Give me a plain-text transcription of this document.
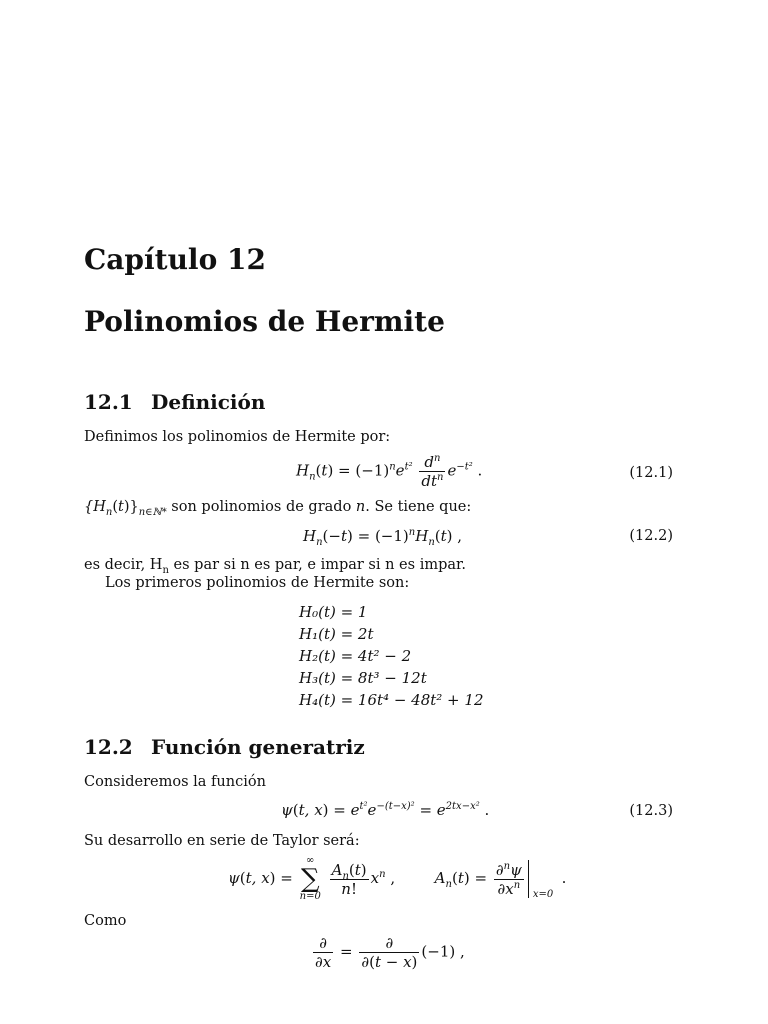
Capítulo 12
Polinomios de Hermite
12.1 Definición
Definimos los polinomios de Hermite por:
$H_n(t) = (-1)^ne^{t^2} \frac{d^n}{dt^n} e^{-t^2}$ .	(12.1)
$\{H_n(t)\}_{n\in ℕ*}$ son polinomios de grado n. Se tiene que:
$H_n(-t) = (-1)^nH_n(t)$ ,	(12.2)
es decir, $H_n$ es par si n es par, e impar si n es impar.
Los primeros polinomios de Hermite son:
H₀(t) = 1
H₁(t) = 2t
H₂(t) = 4t² − 2
H₃(t) = 8t³ − 12t
H₄(t) = 16t⁴ − 48t² + 12
12.2 Función generatriz
Consideremos la función
ψ(t, $x) = e^{t^2}e^{-(t-x)^2} = e^{2tx-x^2}$ .	(12.3)
Su desarrollo en serie de Taylor será:
ψ(t, x) =
∞
∑
n=0
$\frac{A_n(t)}{n!} x^n$ ,  $A_n(t) = \frac{\partial^n\psi}{\partial x^n} x=0$
.
Como
$\frac{\partial}{\partial x} = \frac{\partial}{\partial(t - x)} (-1)$ ,
